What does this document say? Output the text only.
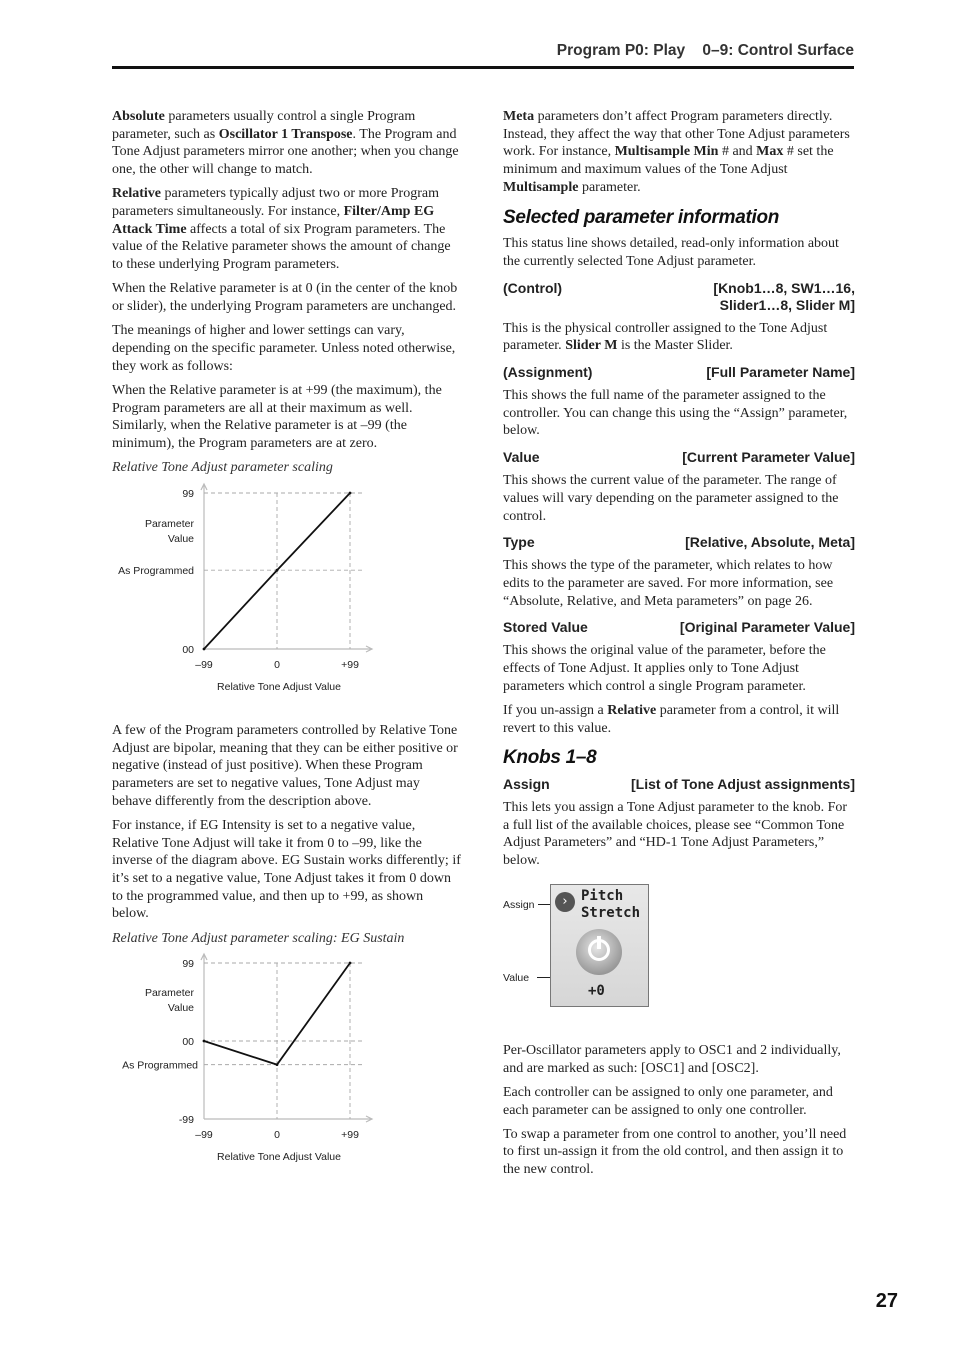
Program P0: Play 0–9: Control Surface

Absolute parameters usually control a single Program parameter, such as Oscillator 1 Transpose. The Program and Tone Adjust parameters mirror one another; when you change one, the other will change to match.

Relative parameters typically adjust two or more Program parameters simultaneously. For instance, Filter/Amp EG Attack Time affects a total of six Program parameters. The value of the Relative parameter shows the amount of change to these underlying Program parameters.

When the Relative parameter is at 0 (in the center of the knob or slider), the underlying Program parameters are unchanged.

The meanings of higher and lower settings can vary, depending on the specific parameter. Unless noted otherwise, they work as follows:

When the Relative parameter is at +99 (the maximum), the Program parameters are all at their maximum as well. Similarly, when the Relative parameter is at –99 (the minimum), the Program parameters are at zero.

Relative Tone Adjust parameter scaling

99
As Programmed
00
Parameter
Value
–99	0	+99
Relative Tone Adjust Value

A few of the Program parameters controlled by Relative Tone Adjust are bipolar, meaning that they can be either positive or negative (instead of just positive). When these Program parameters are set to negative values, Tone Adjust may behave differently from the description above.

For instance, if EG Intensity is set to a negative value, Relative Tone Adjust will take it from 0 to –99, like the inverse of the diagram above. EG Sustain works differently; if it’s set to a negative value, Tone Adjust takes it from 0 down to the programmed value, and then up to +99, as shown below.

Relative Tone Adjust parameter scaling: EG Sustain

99
00
As Programmed
-99
Parameter
Value
–99	0	+99
Relative Tone Adjust Value

Meta parameters don’t affect Program parameters directly. Instead, they affect the way that other Tone Adjust parameters work. For instance, Multisample Min # and Max # set the minimum and maximum values of the Tone Adjust Multisample parameter.

Selected parameter information

This status line shows detailed, read-only information about the currently selected Tone Adjust parameter.

(Control)	[Knob1…8, SW1…16, Slider1…8, Slider M]

This is the physical controller assigned to the Tone Adjust parameter. Slider M is the Master Slider.

(Assignment)	[Full Parameter Name]

This shows the full name of the parameter assigned to the controller. You can change this using the “Assign” parameter, below.

Value	[Current Parameter Value]

This shows the current value of the parameter. The range of values will vary depending on the parameter assigned to the control.

Type	[Relative, Absolute, Meta]

This shows the type of the parameter, which relates to how edits to the parameter are saved. For more information, see “Absolute, Relative, and Meta parameters” on page 26.

Stored Value	[Original Parameter Value]

This shows the original value of the parameter, before the effects of Tone Adjust. It applies only to Tone Adjust parameters which control a single Program parameter.

If you un-assign a Relative parameter from a control, it will revert to this value.

Knobs 1–8
Assign	[List of Tone Adjust assignments]

This lets you assign a Tone Adjust parameter to the knob. For a full list of the available choices, please see “Common Tone Adjust Parameters” and “HD-1 Tone Adjust Parameters,” below.

Assign
Value
› Pitch
Stretch
+0

Per-Oscillator parameters apply to OSC1 and 2 individually, and are marked as such: [OSC1] and [OSC2].

Each controller can be assigned to only one parameter, and each parameter can be assigned to only one controller.

To swap a parameter from one control to another, you’ll need to first un-assign it from the old control, and then assign it to the new control.

27
